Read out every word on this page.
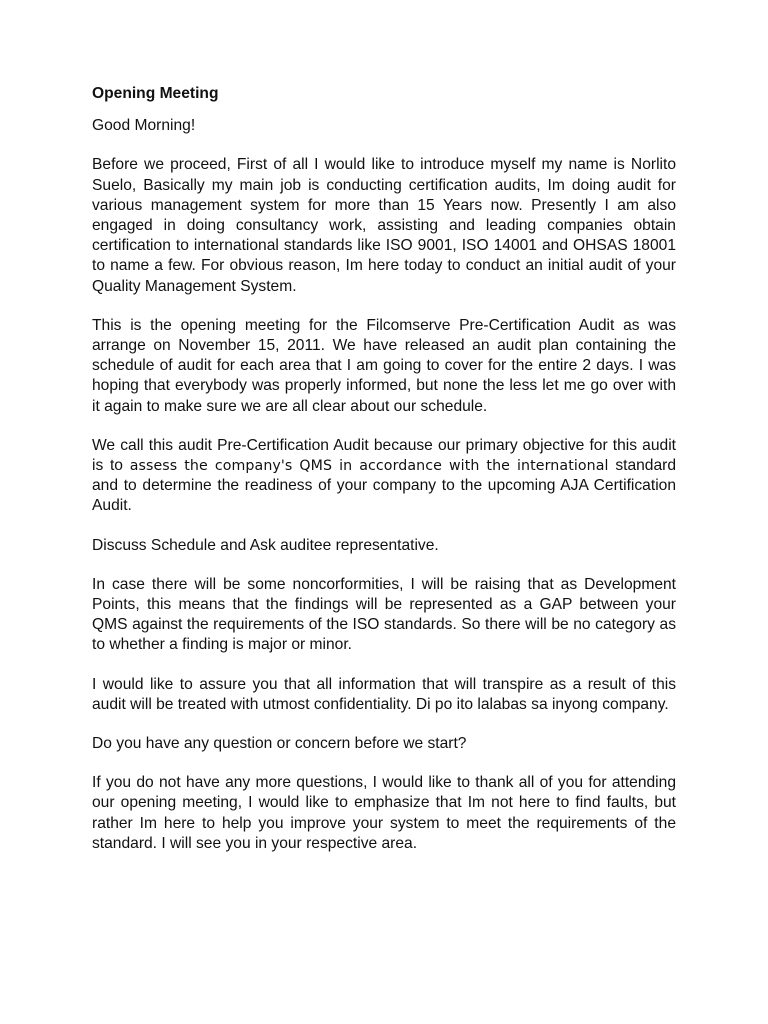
Opening Meeting

Good Morning!

Before we proceed, First of all I would like to introduce myself my name is Norlito Suelo, Basically my main job is conducting certification audits, Im doing audit for various management system for more than 15 Years now. Presently I am also engaged in doing consultancy work, assisting and leading companies obtain certification to international standards like ISO 9001, ISO 14001 and OHSAS 18001 to name a few. For obvious reason, Im here today to conduct an initial audit of your Quality Management System.

This is the opening meeting for the Filcomserve Pre-Certification Audit as was arrange on November 15, 2011. We have released an audit plan containing the schedule of audit for each area that I am going to cover for the entire 2 days. I was hoping that everybody was properly informed, but none the less let me go over with it again to make sure we are all clear about our schedule.

We call this audit Pre-Certification Audit because our primary objective for this audit is to assess the company's QMS in accordance with the international standard and to determine the readiness of your company to the upcoming AJA Certification Audit.

Discuss Schedule and Ask auditee representative.

In case there will be some noncorformities, I will be raising that as Development Points, this means that the findings will be represented as a GAP between your QMS against the requirements of the ISO standards. So there will be no category as to whether a finding is major or minor.

I would like to assure you that all information that will transpire as a result of this audit will be treated with utmost confidentiality. Di po ito lalabas sa inyong company.

Do you have any question or concern before we start?

If you do not have any more questions, I would like to thank all of you for attending our opening meeting, I would like to emphasize that Im not here to find faults, but rather Im here to help you improve your system to meet the requirements of the standard. I will see you in your respective area.
